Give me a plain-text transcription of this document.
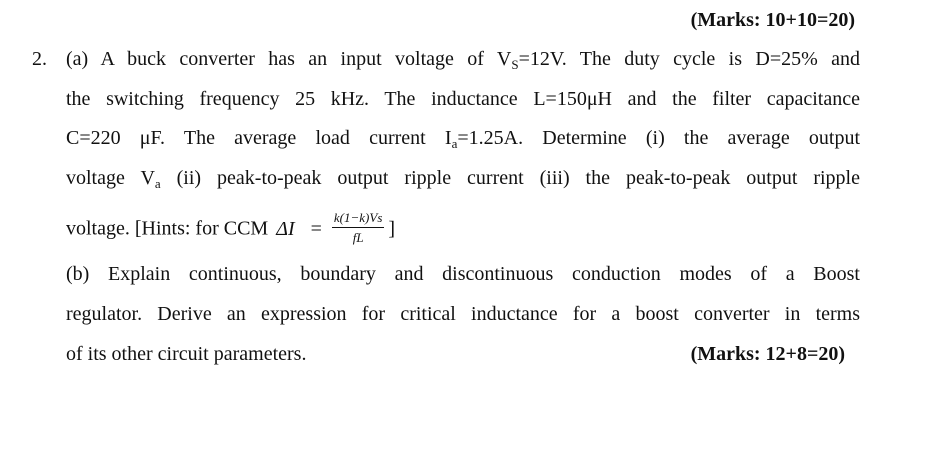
(Marks: 10+10=20)
2. (a) A buck converter has an input voltage of $V_S=12V$. The duty cycle is D=25% and
the switching frequency 25 kHz. The inductance L=150μH and the filter capacitance
C=220 μF. The average load current $I_a=1.25A$. Determine (i) the average output
voltage $V_a$ (ii) peak-to-peak output ripple current (iii) the peak-to-peak output ripple
voltage. [Hints: for CCM $\Delta I = \frac{k(1-k)Vs}{fL}$ ]
(b) Explain continuous, boundary and discontinuous conduction modes of a Boost
regulator. Derive an expression for critical inductance for a boost converter in terms
of its other circuit parameters.	(Marks: 12+8=20)
